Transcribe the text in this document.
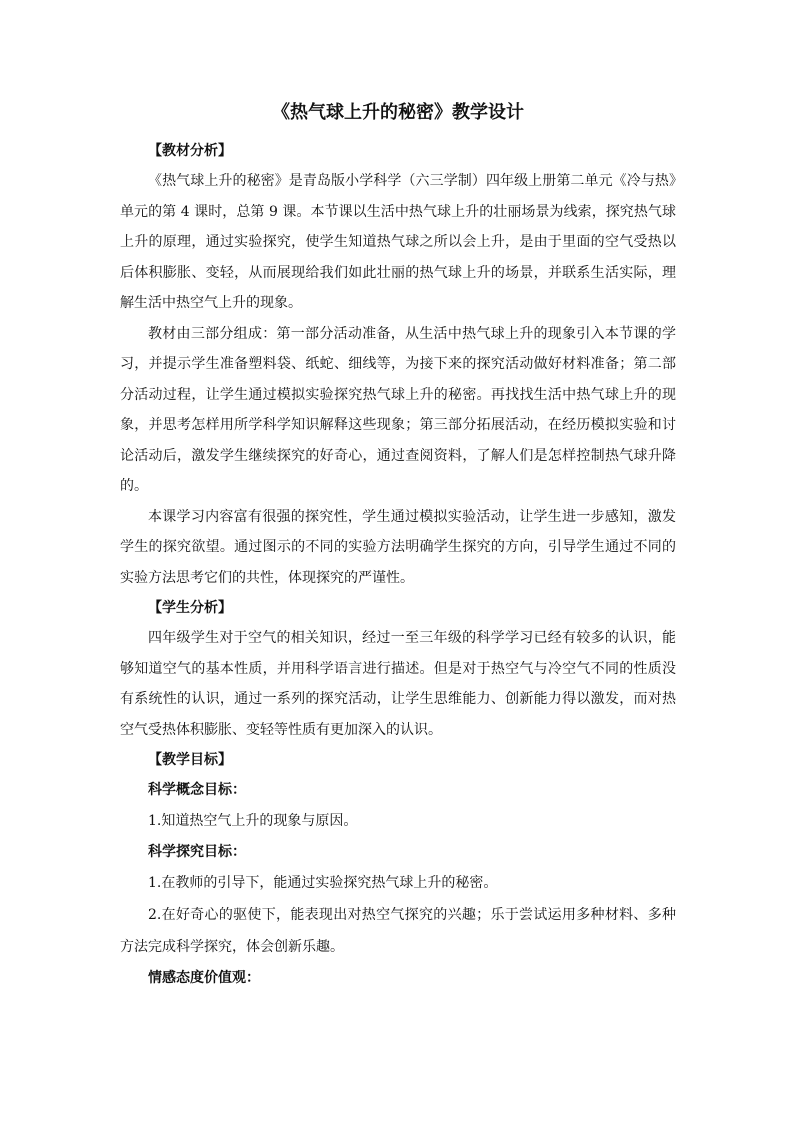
《热气球上升的秘密》教学设计

【教材分析】

《热气球上升的秘密》是青岛版小学科学（六三学制）四年级上册第二单元《冷与热》单元的第 4 课时，总第 9 课。本节课以生活中热气球上升的壮丽场景为线索，探究热气球上升的原理，通过实验探究，使学生知道热气球之所以会上升，是由于里面的空气受热以后体积膨胀、变轻，从而展现给我们如此壮丽的热气球上升的场景，并联系生活实际，理解生活中热空气上升的现象。

教材由三部分组成：第一部分活动准备，从生活中热气球上升的现象引入本节课的学习，并提示学生准备塑料袋、纸蛇、细线等，为接下来的探究活动做好材料准备；第二部分活动过程，让学生通过模拟实验探究热气球上升的秘密。再找找生活中热气球上升的现象，并思考怎样用所学科学知识解释这些现象；第三部分拓展活动，在经历模拟实验和讨论活动后，激发学生继续探究的好奇心，通过查阅资料，了解人们是怎样控制热气球升降的。

本课学习内容富有很强的探究性，学生通过模拟实验活动，让学生进一步感知，激发学生的探究欲望。通过图示的不同的实验方法明确学生探究的方向，引导学生通过不同的实验方法思考它们的共性，体现探究的严谨性。

【学生分析】

四年级学生对于空气的相关知识，经过一至三年级的科学学习已经有较多的认识，能够知道空气的基本性质，并用科学语言进行描述。但是对于热空气与冷空气不同的性质没有系统性的认识，通过一系列的探究活动，让学生思维能力、创新能力得以激发，而对热空气受热体积膨胀、变轻等性质有更加深入的认识。

【教学目标】

科学概念目标：

1.知道热空气上升的现象与原因。

科学探究目标：

1.在教师的引导下，能通过实验探究热气球上升的秘密。

2.在好奇心的驱使下，能表现出对热空气探究的兴趣；乐于尝试运用多种材料、多种方法完成科学探究，体会创新乐趣。

情感态度价值观：
